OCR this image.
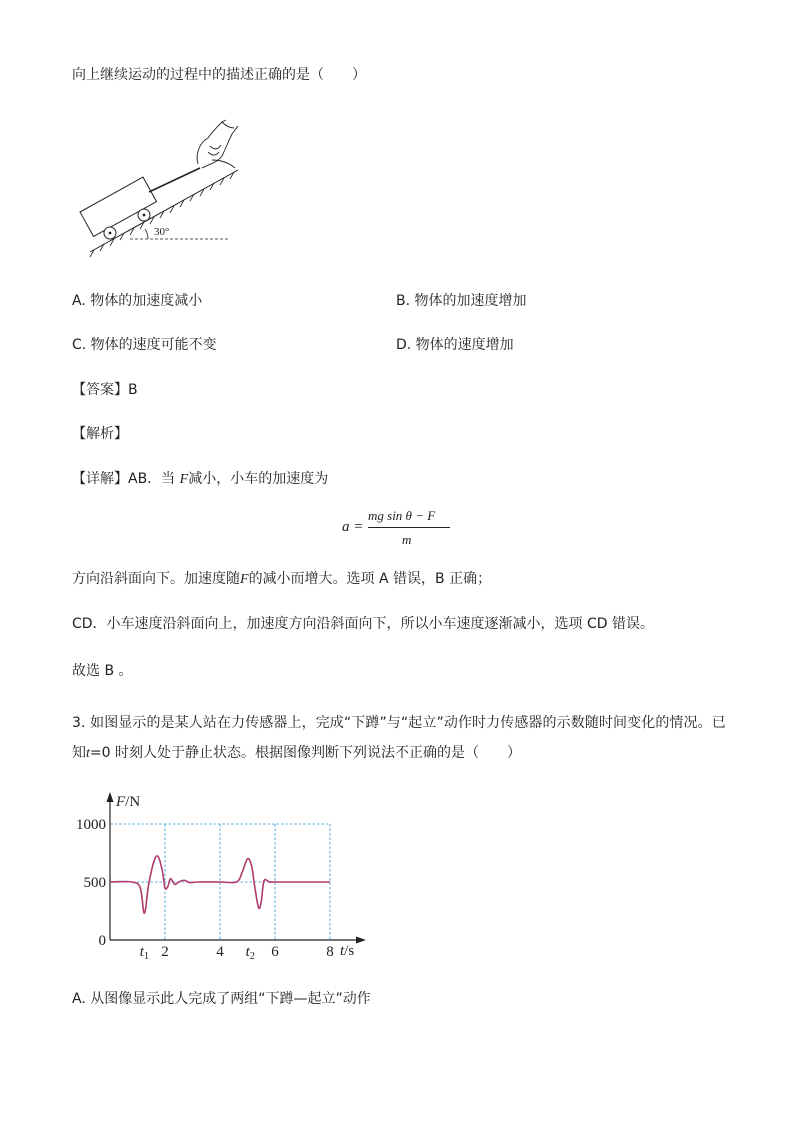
向上继续运动的过程中的描述正确的是（　　）
30°
A. 物体的加速度减小	B. 物体的加速度增加
C. 物体的速度可能不变	D. 物体的速度增加
【答案】B
【解析】
【详解】AB．当 F减小，小车的加速度为
a =
mg sin θ − F
m
方向沿斜面向下。加速度随F的减小而增大。选项 A 错误，B 正确；
CD．小车速度沿斜面向上，加速度方向沿斜面向下，所以小车速度逐渐减小，选项 CD 错误。
故选 B 。
3. 如图显示的是某人站在力传感器上，完成“下蹲”与“起立”动作时力传感器的示数随时间变化的情况。已
知t=0 时刻人处于静止状态。根据图像判断下列说法不正确的是（　　）
F/N
t/s
0
500
1000
$t_1$ 2	4 $t_2$ 6	8
A. 从图像显示此人完成了两组“下蹲—起立”动作
